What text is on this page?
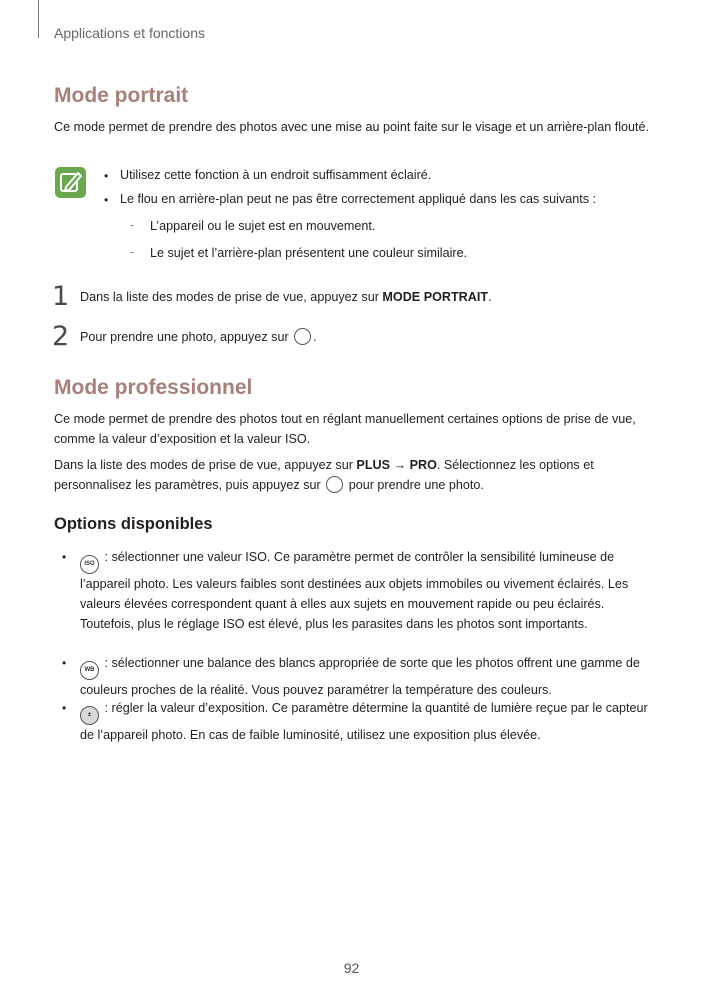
Applications et fonctions
Mode portrait
Ce mode permet de prendre des photos avec une mise au point faite sur le visage et un arrière-plan flouté.
• Utilisez cette fonction à un endroit suffisamment éclairé.
• Le flou en arrière-plan peut ne pas être correctement appliqué dans les cas suivants :
- L’appareil ou le sujet est en mouvement.
- Le sujet et l’arrière-plan présentent une couleur similaire.
1 Dans la liste des modes de prise de vue, appuyez sur MODE PORTRAIT.
2 Pour prendre une photo, appuyez sur .
Mode professionnel
Ce mode permet de prendre des photos tout en réglant manuellement certaines options de prise de vue, comme la valeur d’exposition et la valeur ISO.
Dans la liste des modes de prise de vue, appuyez sur PLUS → PRO. Sélectionnez les options et personnalisez les paramètres, puis appuyez sur  pour prendre une photo.
Options disponibles
•	ISO : sélectionner une valeur ISO. Ce paramètre permet de contrôler la sensibilité lumineuse de l’appareil photo. Les valeurs faibles sont destinées aux objets immobiles ou vivement éclairés. Les valeurs élevées correspondent quant à elles aux sujets en mouvement rapide ou peu éclairés. Toutefois, plus le réglage ISO est élevé, plus les parasites dans les photos sont importants.
•	WB : sélectionner une balance des blancs appropriée de sorte que les photos offrent une gamme de couleurs proches de la réalité. Vous pouvez paramétrer la température des couleurs.
•	± : régler la valeur d’exposition. Ce paramètre détermine la quantité de lumière reçue par le capteur de l’appareil photo. En cas de faible luminosité, utilisez une exposition plus élevée.
92
